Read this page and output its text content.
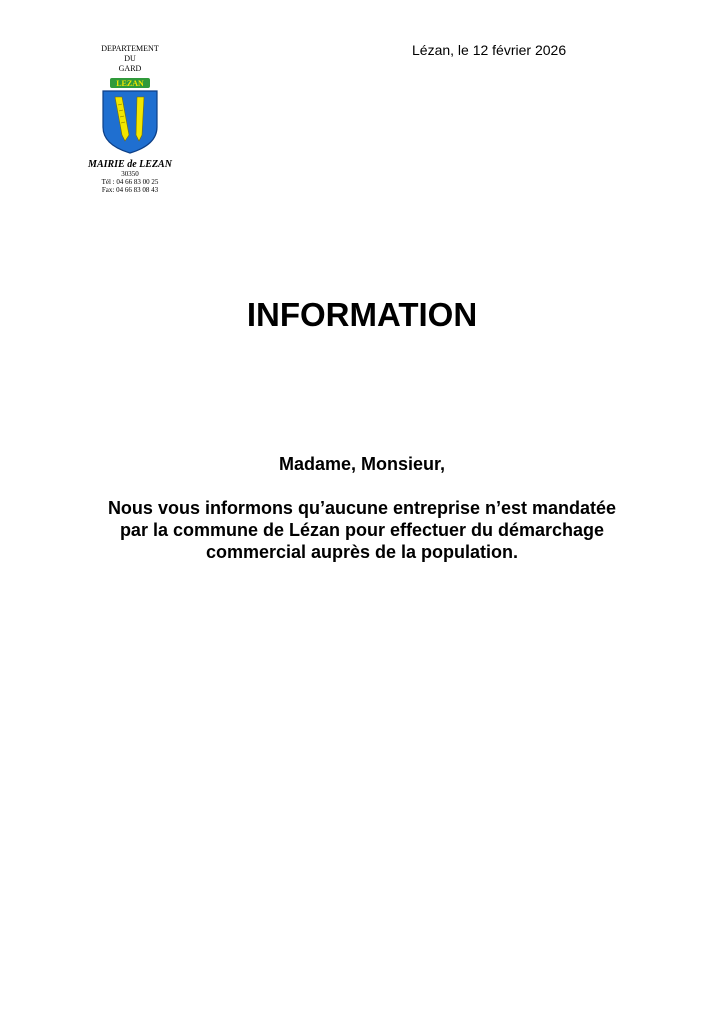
DEPARTEMENT
DU
GARD
LEZAN
MAIRIE de LEZAN
30350
Tél : 04 66 83 00 25
Fax: 04 66 83 08 43
Lézan, le 12 février 2026
INFORMATION
Madame, Monsieur,
Nous vous informons qu’aucune entreprise n’est mandatée
par la commune de Lézan pour effectuer du démarchage
commercial auprès de la population.
